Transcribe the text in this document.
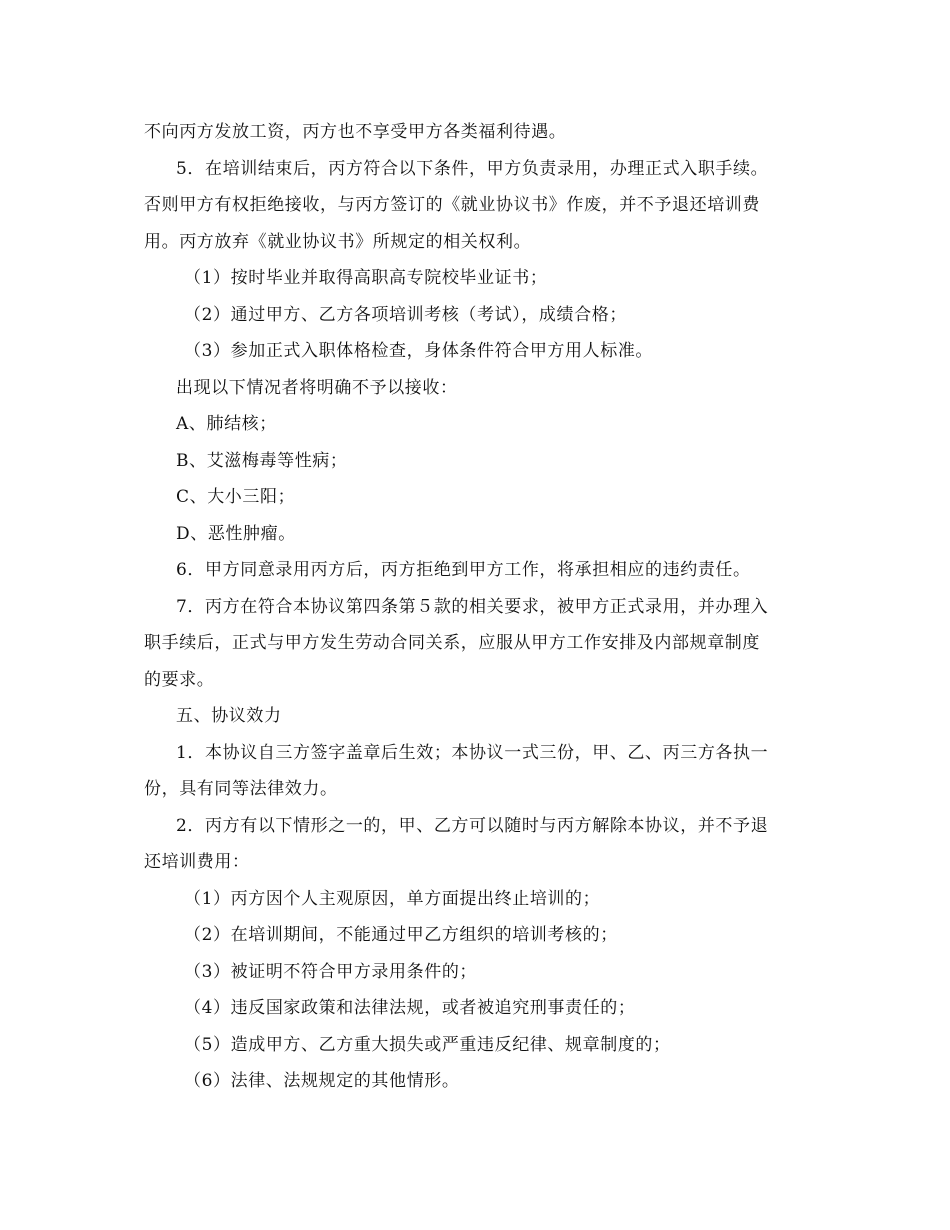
不向丙方发放工资，丙方也不享受甲方各类福利待遇。
5．在培训结束后，丙方符合以下条件，甲方负责录用，办理正式入职手续。
否则甲方有权拒绝接收，与丙方签订的《就业协议书》作废，并不予退还培训费
用。丙方放弃《就业协议书》所规定的相关权利。
（1）按时毕业并取得高职高专院校毕业证书；
（2）通过甲方、乙方各项培训考核（考试），成绩合格；
（3）参加正式入职体格检查，身体条件符合甲方用人标准。
出现以下情况者将明确不予以接收：
A、肺结核；
B、艾滋梅毒等性病；
C、大小三阳；
D、恶性肿瘤。
6．甲方同意录用丙方后，丙方拒绝到甲方工作，将承担相应的违约责任。
7．丙方在符合本协议第四条第５款的相关要求，被甲方正式录用，并办理入
职手续后，正式与甲方发生劳动合同关系，应服从甲方工作安排及内部规章制度
的要求。
五、协议效力
1．本协议自三方签字盖章后生效；本协议一式三份，甲、乙、丙三方各执一
份，具有同等法律效力。
2．丙方有以下情形之一的，甲、乙方可以随时与丙方解除本协议，并不予退
还培训费用：
（1）丙方因个人主观原因，单方面提出终止培训的；
（2）在培训期间，不能通过甲乙方组织的培训考核的；
（3）被证明不符合甲方录用条件的；
（4）违反国家政策和法律法规，或者被追究刑事责任的；
（5）造成甲方、乙方重大损失或严重违反纪律、规章制度的；
（6）法律、法规规定的其他情形。
